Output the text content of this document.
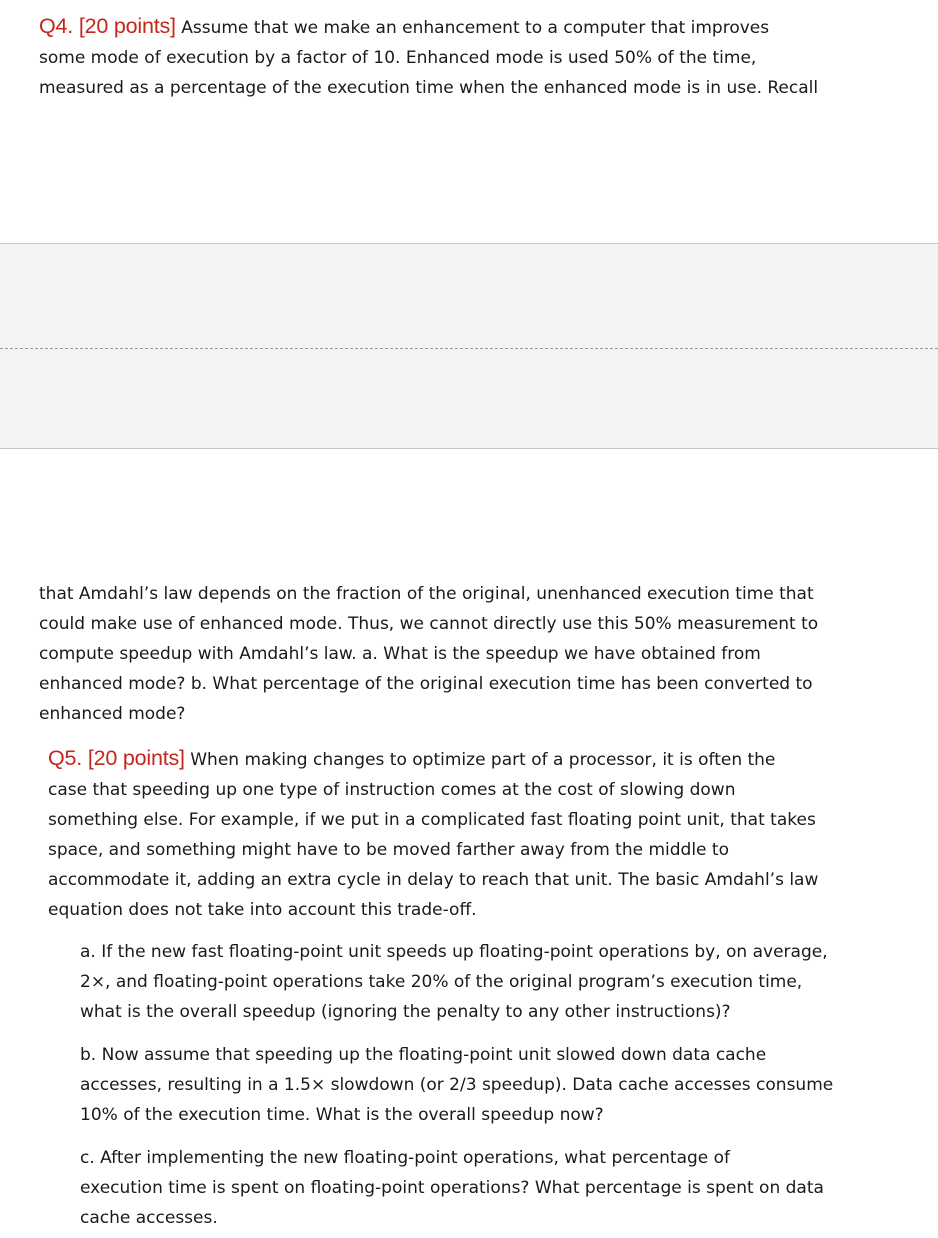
Q4. [20 points] Assume that we make an enhancement to a computer that improves
some mode of execution by a factor of 10. Enhanced mode is used 50% of the time,
measured as a percentage of the execution time when the enhanced mode is in use. Recall
that Amdahl’s law depends on the fraction of the original, unenhanced execution time that
could make use of enhanced mode. Thus, we cannot directly use this 50% measurement to
compute speedup with Amdahl’s law. a. What is the speedup we have obtained from
enhanced mode? b. What percentage of the original execution time has been converted to
enhanced mode?
Q5. [20 points] When making changes to optimize part of a processor, it is often the
case that speeding up one type of instruction comes at the cost of slowing down
something else. For example, if we put in a complicated fast floating point unit, that takes
space, and something might have to be moved farther away from the middle to
accommodate it, adding an extra cycle in delay to reach that unit. The basic Amdahl’s law
equation does not take into account this trade-off.
a. If the new fast floating-point unit speeds up floating-point operations by, on average,
2×, and floating-point operations take 20% of the original program’s execution time,
what is the overall speedup (ignoring the penalty to any other instructions)?
b. Now assume that speeding up the floating-point unit slowed down data cache
accesses, resulting in a 1.5× slowdown (or 2/3 speedup). Data cache accesses consume
10% of the execution time. What is the overall speedup now?
c. After implementing the new floating-point operations, what percentage of
execution time is spent on floating-point operations? What percentage is spent on data
cache accesses.
